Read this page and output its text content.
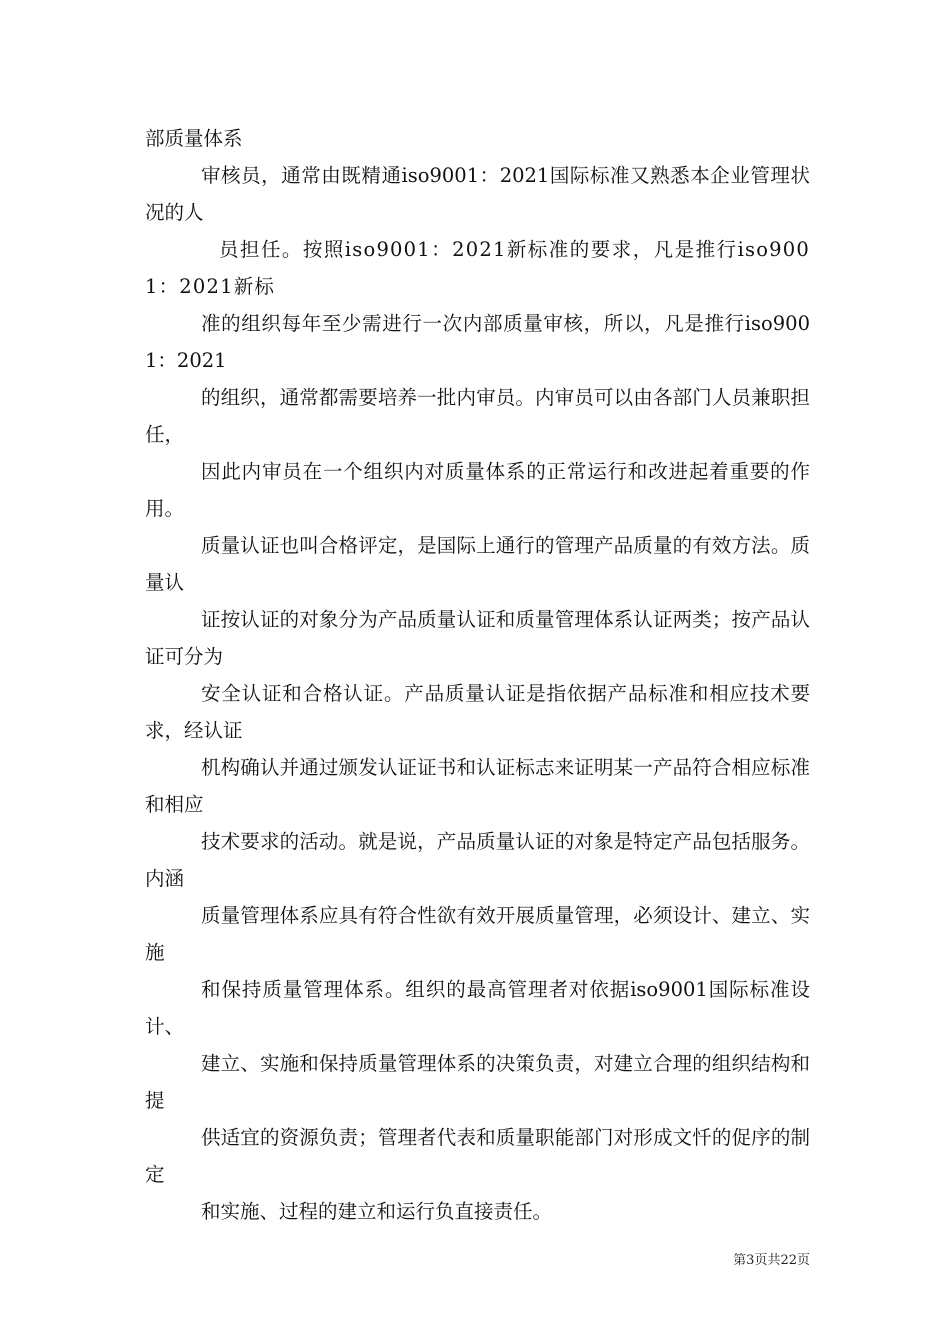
部质量体系

审核员，通常由既精通iso9001：2021国际标准又熟悉本企业管理状况的人

员担任。按照iso9001：2021新标准的要求，凡是推行iso9001：2021新标

准的组织每年至少需进行一次内部质量审核，所以，凡是推行iso9001：2021

的组织，通常都需要培养一批内审员。内审员可以由各部门人员兼职担任，

因此内审员在一个组织内对质量体系的正常运行和改进起着重要的作用。

质量认证也叫合格评定，是国际上通行的管理产品质量的有效方法。质量认

证按认证的对象分为产品质量认证和质量管理体系认证两类；按产品认证可分为

安全认证和合格认证。产品质量认证是指依据产品标准和相应技术要求，经认证

机构确认并通过颁发认证证书和认证标志来证明某一产品符合相应标准和相应

技术要求的活动。就是说，产品质量认证的对象是特定产品包括服务。内涵

质量管理体系应具有符合性欲有效开展质量管理，必须设计、建立、实施

和保持质量管理体系。组织的最高管理者对依据iso9001国际标准设计、

建立、实施和保持质量管理体系的决策负责，对建立合理的组织结构和提

供适宜的资源负责；管理者代表和质量职能部门对形成文忏的促序的制定

和实施、过程的建立和运行负直接责任。

第3页共22页
